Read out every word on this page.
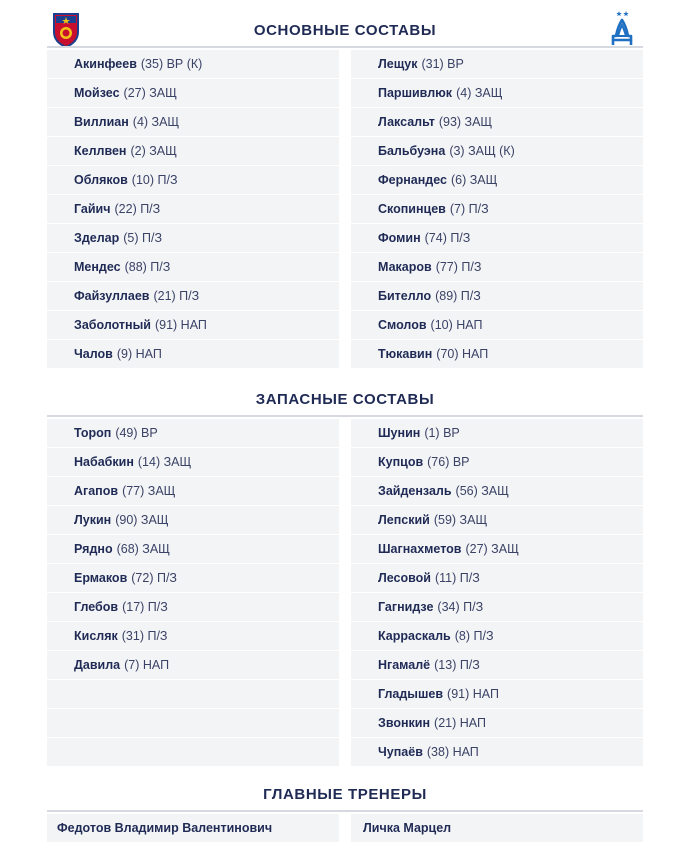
ОСНОВНЫЕ СОСТАВЫ
Акинфеев (35) ВР (К)
Мойзес (27) ЗАЩ
Виллиан (4) ЗАЩ
Келлвен (2) ЗАЩ
Обляков (10) П/З
Гайич (22) П/З
Зделар (5) П/З
Мендес (88) П/З
Файзуллаев (21) П/З
Заболотный (91) НАП
Чалов (9) НАП
Лещук (31) ВР
Паршивлюк (4) ЗАЩ
Лаксальт (93) ЗАЩ
Бальбуэна (3) ЗАЩ (К)
Фернандес (6) ЗАЩ
Скопинцев (7) П/З
Фомин (74) П/З
Макаров (77) П/З
Бителло (89) П/З
Смолов (10) НАП
Тюкавин (70) НАП
ЗАПАСНЫЕ СОСТАВЫ
Тороп (49) ВР
Набабкин (14) ЗАЩ
Агапов (77) ЗАЩ
Лукин (90) ЗАЩ
Рядно (68) ЗАЩ
Ермаков (72) П/З
Глебов (17) П/З
Кисляк (31) П/З
Давила (7) НАП
Шунин (1) ВР
Купцов (76) ВР
Зайдензаль (56) ЗАЩ
Лепский (59) ЗАЩ
Шагнахметов (27) ЗАЩ
Лесовой (11) П/З
Гагнидзе (34) П/З
Карраскаль (8) П/З
Нгамалё (13) П/З
Гладышев (91) НАП
Звонкин (21) НАП
Чупаёв (38) НАП
ГЛАВНЫЕ ТРЕНЕРЫ
Федотов Владимир Валентинович	Личка Марцел
